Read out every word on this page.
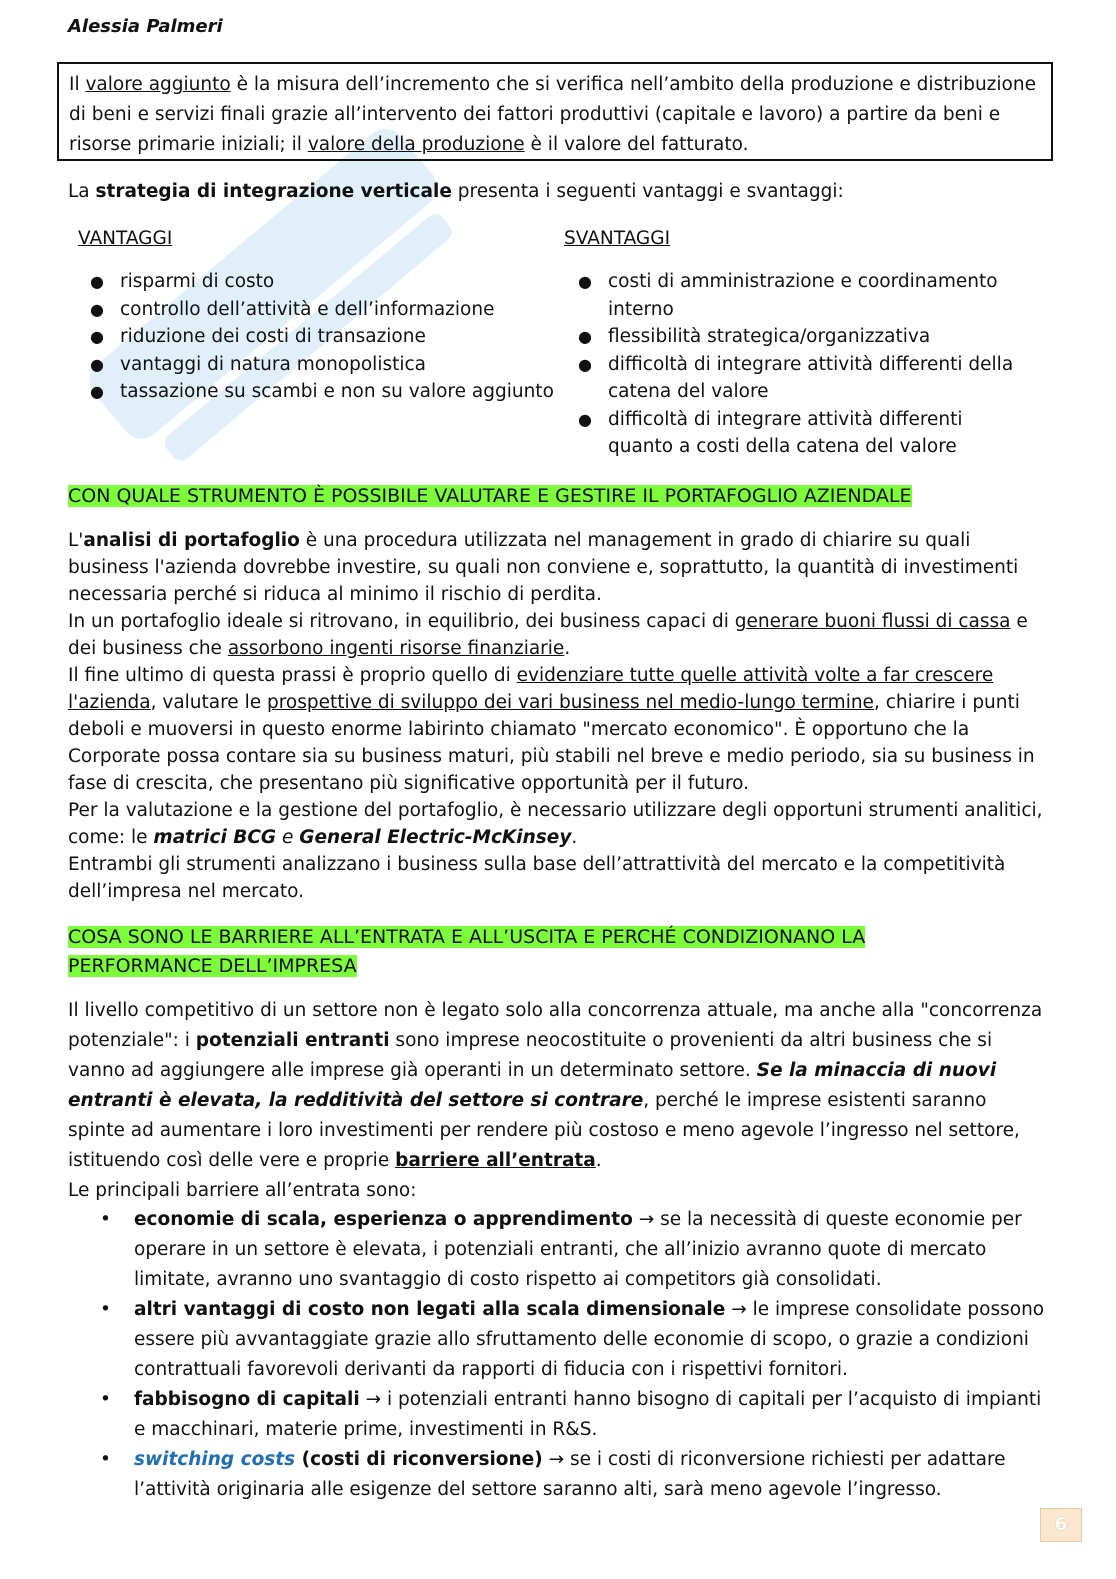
Alessia Palmeri
Il valore aggiunto è la misura dell’incremento che si verifica nell’ambito della produzione e distribuzione di beni e servizi finali grazie all’intervento dei fattori produttivi (capitale e lavoro) a partire da beni e risorse primarie iniziali; il valore della produzione è il valore del fatturato.
La strategia di integrazione verticale presenta i seguenti vantaggi e svantaggi:
VANTAGGI
● risparmi di costo
● controllo dell’attività e dell’informazione
● riduzione dei costi di transazione
● vantaggi di natura monopolistica
● tassazione su scambi e non su valore aggiunto
SVANTAGGI
● costi di amministrazione e coordinamento interno
● flessibilità strategica/organizzativa
● difficoltà di integrare attività differenti della catena del valore
● difficoltà di integrare attività differenti quanto a costi della catena del valore
CON QUALE STRUMENTO È POSSIBILE VALUTARE E GESTIRE IL PORTAFOGLIO AZIENDALE
L'analisi di portafoglio è una procedura utilizzata nel management in grado di chiarire su quali business l'azienda dovrebbe investire, su quali non conviene e, soprattutto, la quantità di investimenti necessaria perché si riduca al minimo il rischio di perdita.
In un portafoglio ideale si ritrovano, in equilibrio, dei business capaci di generare buoni flussi di cassa e dei business che assorbono ingenti risorse finanziarie.
Il fine ultimo di questa prassi è proprio quello di evidenziare tutte quelle attività volte a far crescere l'azienda, valutare le prospettive di sviluppo dei vari business nel medio-lungo termine, chiarire i punti deboli e muoversi in questo enorme labirinto chiamato "mercato economico". È opportuno che la Corporate possa contare sia su business maturi, più stabili nel breve e medio periodo, sia su business in fase di crescita, che presentano più significative opportunità per il futuro.
Per la valutazione e la gestione del portafoglio, è necessario utilizzare degli opportuni strumenti analitici, come: le matrici BCG e General Electric-McKinsey.
Entrambi gli strumenti analizzano i business sulla base dell’attrattività del mercato e la competitività dell’impresa nel mercato.
COSA SONO LE BARRIERE ALL’ENTRATA E ALL’USCITA E PERCHÉ CONDIZIONANO LA
PERFORMANCE DELL’IMPRESA
Il livello competitivo di un settore non è legato solo alla concorrenza attuale, ma anche alla "concorrenza potenziale": i potenziali entranti sono imprese neocostituite o provenienti da altri business che si vanno ad aggiungere alle imprese già operanti in un determinato settore. Se la minaccia di nuovi entranti è elevata, la redditività del settore si contrare, perché le imprese esistenti saranno spinte ad aumentare i loro investimenti per rendere più costoso e meno agevole l’ingresso nel settore, istituendo così delle vere e proprie barriere all’entrata.
Le principali barriere all’entrata sono:
• economie di scala, esperienza o apprendimento → se la necessità di queste economie per operare in un settore è elevata, i potenziali entranti, che all’inizio avranno quote di mercato limitate, avranno uno svantaggio di costo rispetto ai competitors già consolidati.
• altri vantaggi di costo non legati alla scala dimensionale → le imprese consolidate possono essere più avvantaggiate grazie allo sfruttamento delle economie di scopo, o grazie a condizioni contrattuali favorevoli derivanti da rapporti di fiducia con i rispettivi fornitori.
• fabbisogno di capitali → i potenziali entranti hanno bisogno di capitali per l’acquisto di impianti e macchinari, materie prime, investimenti in R&S.
• switching costs (costi di riconversione) → se i costi di riconversione richiesti per adattare l’attività originaria alle esigenze del settore saranno alti, sarà meno agevole l’ingresso.
6
